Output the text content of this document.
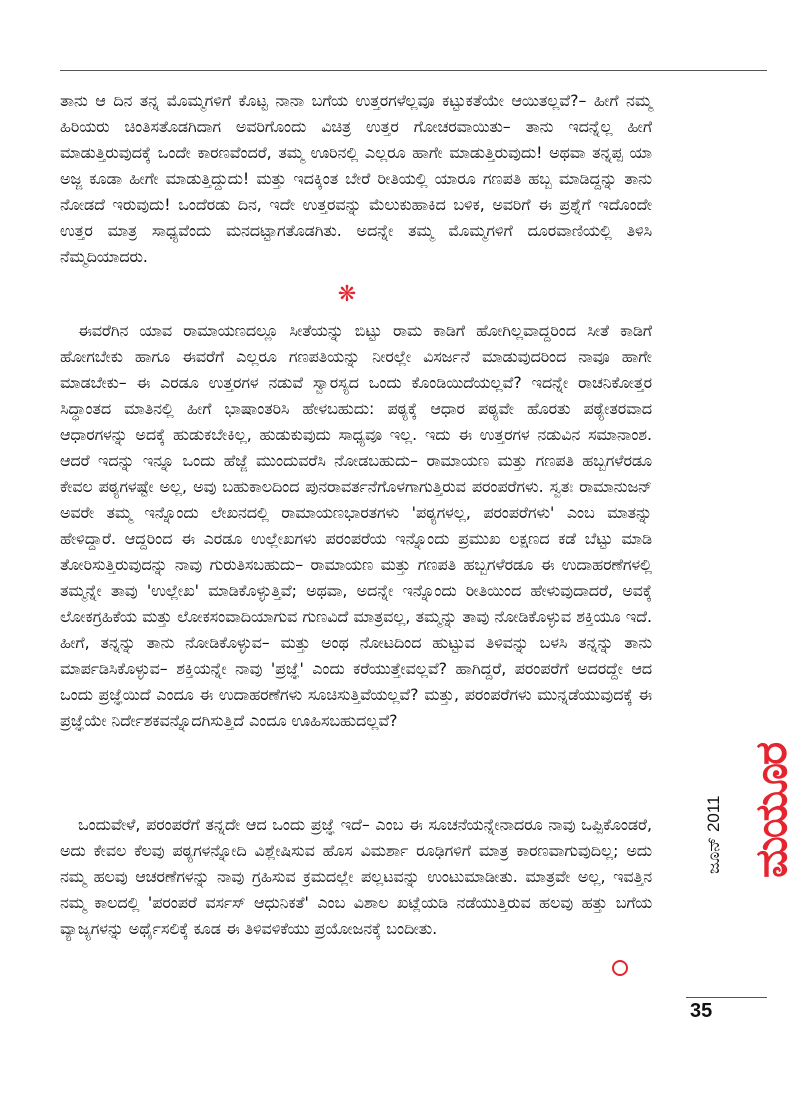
ತಾನು ಆ ದಿನ ತನ್ನ ಮೊಮ್ಮಗಳಿಗೆ ಕೊಟ್ಟ ನಾನಾ ಬಗೆಯ ಉತ್ತರಗಳೆಲ್ಲವೂ ಕಟ್ಟುಕತೆಯೇ ಆಯಿತಲ್ಲವೆ?– ಹೀಗೆ ನಮ್ಮ ಹಿರಿಯರು ಚಿಂತಿಸತೊಡಗಿದಾಗ ಅವರಿಗೊಂದು ವಿಚಿತ್ರ ಉತ್ತರ ಗೋಚರವಾಯಿತು– ತಾನು ಇದನ್ನೆಲ್ಲ ಹೀಗೆ ಮಾಡುತ್ತಿರುವುದಕ್ಕೆ ಒಂದೇ ಕಾರಣವೆಂದರೆ, ತಮ್ಮ ಊರಿನಲ್ಲಿ ಎಲ್ಲರೂ ಹಾಗೇ ಮಾಡುತ್ತಿರುವುದು! ಅಥವಾ ತನ್ನಪ್ಪ ಯಾ ಅಜ್ಜ ಕೂಡಾ ಹೀಗೇ ಮಾಡುತ್ತಿದ್ದುದು! ಮತ್ತು ಇದಕ್ಕಿಂತ ಬೇರೆ ರೀತಿಯಲ್ಲಿ ಯಾರೂ ಗಣಪತಿ ಹಬ್ಬ ಮಾಡಿದ್ದನ್ನು ತಾನು ನೋಡದೆ ಇರುವುದು! ಒಂದೆರಡು ದಿನ, ಇದೇ ಉತ್ತರವನ್ನು ಮೆಲುಕುಹಾಕಿದ ಬಳಿಕ, ಅವರಿಗೆ ಈ ಪ್ರಶ್ನೆಗೆ ಇದೊಂದೇ ಉತ್ತರ ಮಾತ್ರ ಸಾಧ್ಯವೆಂದು ಮನದಟ್ಟಾಗತೊಡಗಿತು. ಅದನ್ನೇ ತಮ್ಮ ಮೊಮ್ಮಗಳಿಗೆ ದೂರವಾಣಿಯಲ್ಲಿ ತಿಳಿಸಿ ನೆಮ್ಮದಿಯಾದರು.

❋

ಈವರೆಗಿನ ಯಾವ ರಾಮಾಯಣದಲ್ಲೂ ಸೀತೆಯನ್ನು ಬಿಟ್ಟು ರಾಮ ಕಾಡಿಗೆ ಹೋಗಿಲ್ಲವಾದ್ದರಿಂದ ಸೀತೆ ಕಾಡಿಗೆ ಹೋಗಬೇಕು ಹಾಗೂ ಈವರೆಗೆ ಎಲ್ಲರೂ ಗಣಪತಿಯನ್ನು ನೀರಲ್ಲೇ ವಿಸರ್ಜನೆ ಮಾಡುವುದರಿಂದ ನಾವೂ ಹಾಗೇ ಮಾಡಬೇಕು– ಈ ಎರಡೂ ಉತ್ತರಗಳ ನಡುವೆ ಸ್ವಾರಸ್ಯದ ಒಂದು ಕೊಂಡಿಯಿದೆಯಲ್ಲವೆ? ಇದನ್ನೇ ರಾಚನಿಕೋತ್ತರ ಸಿದ್ಧಾಂತದ ಮಾತಿನಲ್ಲಿ ಹೀಗೆ ಭಾಷಾಂತರಿಸಿ ಹೇಳಬಹುದು: ಪಠ್ಯಕ್ಕೆ ಆಧಾರ ಪಠ್ಯವೇ ಹೊರತು ಪಠ್ಯೇತರವಾದ ಆಧಾರಗಳನ್ನು ಅದಕ್ಕೆ ಹುಡುಕಬೇಕಿಲ್ಲ, ಹುಡುಕುವುದು ಸಾಧ್ಯವೂ ಇಲ್ಲ. ಇದು ಈ ಉತ್ತರಗಳ ನಡುವಿನ ಸಮಾನಾಂಶ. ಆದರೆ ಇದನ್ನು ಇನ್ನೂ ಒಂದು ಹೆಜ್ಜೆ ಮುಂದುವರೆಸಿ ನೋಡಬಹುದು– ರಾಮಾಯಣ ಮತ್ತು ಗಣಪತಿ ಹಬ್ಬಗಳೆರಡೂ ಕೇವಲ ಪಠ್ಯಗಳಷ್ಟೇ ಅಲ್ಲ, ಅವು ಬಹುಕಾಲದಿಂದ ಪುನರಾವರ್ತನೆಗೊಳಗಾಗುತ್ತಿರುವ ಪರಂಪರೆಗಳು. ಸ್ವತಃ ರಾಮಾನುಜನ್ ಅವರೇ ತಮ್ಮ ಇನ್ನೊಂದು ಲೇಖನದಲ್ಲಿ ರಾಮಾಯಣಭಾರತಗಳು 'ಪಠ್ಯಗಳಲ್ಲ, ಪರಂಪರೆಗಳು' ಎಂಬ ಮಾತನ್ನು ಹೇಳಿದ್ದಾರೆ. ಆದ್ದರಿಂದ ಈ ಎರಡೂ ಉಲ್ಲೇಖಗಳು ಪರಂಪರೆಯ ಇನ್ನೊಂದು ಪ್ರಮುಖ ಲಕ್ಷಣದ ಕಡೆ ಬೆಟ್ಟು ಮಾಡಿ ತೋರಿಸುತ್ತಿರುವುದನ್ನು ನಾವು ಗುರುತಿಸಬಹುದು– ರಾಮಾಯಣ ಮತ್ತು ಗಣಪತಿ ಹಬ್ಬಗಳೆರಡೂ ಈ ಉದಾಹರಣೆಗಳಲ್ಲಿ ತಮ್ಮನ್ನೇ ತಾವು 'ಉಲ್ಲೇಖ' ಮಾಡಿಕೊಳ್ಳುತ್ತಿವೆ; ಅಥವಾ, ಅದನ್ನೇ ಇನ್ನೊಂದು ರೀತಿಯಿಂದ ಹೇಳುವುದಾದರೆ, ಅವಕ್ಕೆ ಲೋಕಗ್ರಹಿಕೆಯ ಮತ್ತು ಲೋಕಸಂವಾದಿಯಾಗುವ ಗುಣವಿದೆ ಮಾತ್ರವಲ್ಲ, ತಮ್ಮನ್ನು ತಾವು ನೋಡಿಕೊಳ್ಳುವ ಶಕ್ತಿಯೂ ಇದೆ. ಹೀಗೆ, ತನ್ನನ್ನು ತಾನು ನೋಡಿಕೊಳ್ಳುವ– ಮತ್ತು ಅಂಥ ನೋಟದಿಂದ ಹುಟ್ಟುವ ತಿಳಿವನ್ನು ಬಳಸಿ ತನ್ನನ್ನು ತಾನು ಮಾರ್ಪಡಿಸಿಕೊಳ್ಳುವ– ಶಕ್ತಿಯನ್ನೇ ನಾವು 'ಪ್ರಜ್ಞೆ' ಎಂದು ಕರೆಯುತ್ತೇವಲ್ಲವೆ? ಹಾಗಿದ್ದರೆ, ಪರಂಪರೆಗೆ ಅದರದ್ದೇ ಆದ ಒಂದು ಪ್ರಜ್ಞೆಯಿದೆ ಎಂದೂ ಈ ಉದಾಹರಣೆಗಳು ಸೂಚಿಸುತ್ತಿವೆಯಲ್ಲವೆ? ಮತ್ತು, ಪರಂಪರೆಗಳು ಮುನ್ನಡೆಯುವುದಕ್ಕೆ ಈ ಪ್ರಜ್ಞೆಯೇ ನಿರ್ದೇಶಕವನ್ನೊದಗಿಸುತ್ತಿದೆ ಎಂದೂ ಊಹಿಸಬಹುದಲ್ಲವೆ?

ಒಂದುವೇಳೆ, ಪರಂಪರೆಗೆ ತನ್ನದೇ ಆದ ಒಂದು ಪ್ರಜ್ಞೆ ಇದೆ– ಎಂಬ ಈ ಸೂಚನೆಯನ್ನೇನಾದರೂ ನಾವು ಒಪ್ಪಿಕೊಂಡರೆ, ಅದು ಕೇವಲ ಕೆಲವು ಪಠ್ಯಗಳನ್ನೋದಿ ವಿಶ್ಲೇಷಿಸುವ ಹೊಸ ವಿಮರ್ಶಾ ರೂಢಿಗಳಿಗೆ ಮಾತ್ರ ಕಾರಣವಾಗುವುದಿಲ್ಲ; ಅದು ನಮ್ಮ ಹಲವು ಆಚರಣೆಗಳನ್ನು ನಾವು ಗ್ರಹಿಸುವ ಕ್ರಮದಲ್ಲೇ ಪಲ್ಲಟವನ್ನು ಉಂಟುಮಾಡೀತು. ಮಾತ್ರವೇ ಅಲ್ಲ, ಇವತ್ತಿನ ನಮ್ಮ ಕಾಲದಲ್ಲಿ 'ಪರಂಪರೆ ವರ್ಸಸ್ ಆಧುನಿಕತೆ' ಎಂಬ ವಿಶಾಲ ಖಟ್ಲೆಯಡಿ ನಡೆಯುತ್ತಿರುವ ಹಲವು ಹತ್ತು ಬಗೆಯ ವ್ಯಾಜ್ಯಗಳನ್ನು ಅರ್ಥೈಸಲಿಕ್ಕೆ ಕೂಡ ಈ ತಿಳಿವಳಿಕೆಯು ಪ್ರಯೋಜನಕ್ಕೆ ಬಂದೀತು.

ಜೂನ್ 2011 ಮಯೂರ
35
